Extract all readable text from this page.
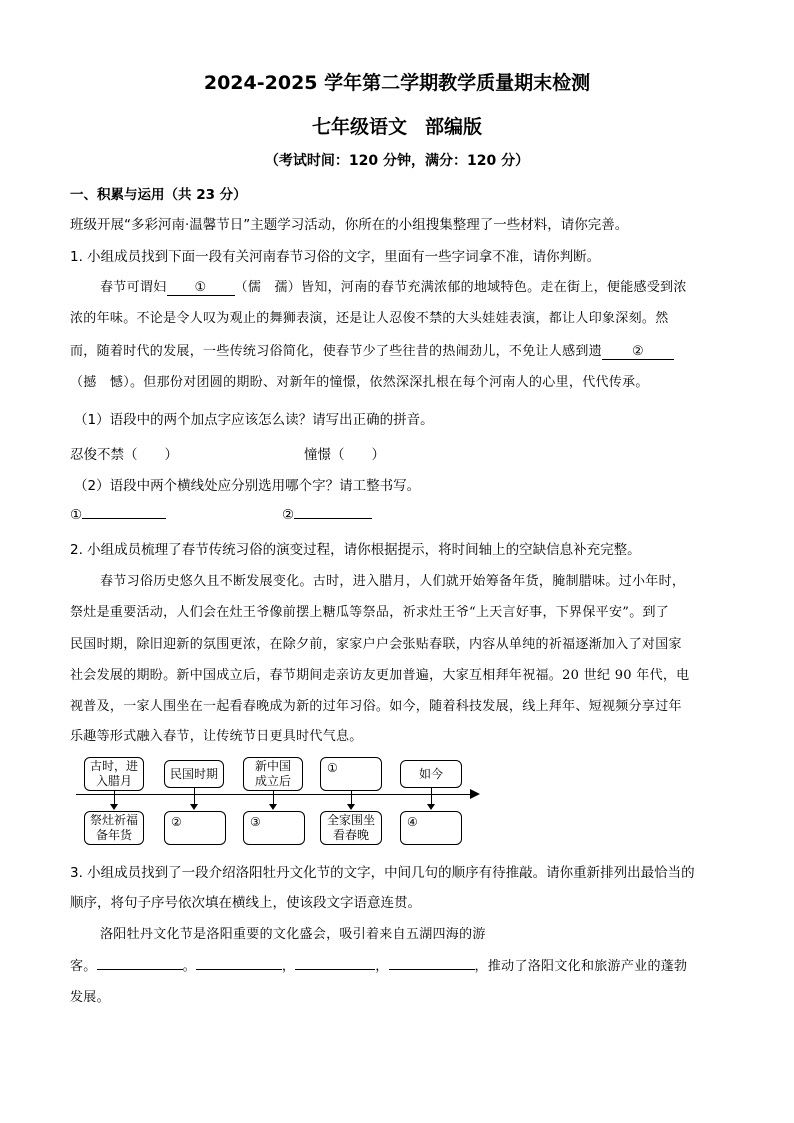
2024-2025 学年第二学期教学质量期末检测
七年级语文 部编版
（考试时间：120 分钟，满分：120 分）
一、积累与运用（共 23 分）
班级开展“多彩河南·温馨节日”主题学习活动，你所在的小组搜集整理了一些材料，请你完善。
1. 小组成员找到下面一段有关河南春节习俗的文字，里面有一些字词拿不准，请你判断。
春节可谓妇 ① （儒　孺）皆知，河南的春节充满浓郁的地域特色。走在街上，便能感受到浓
浓的年味。不论是令人叹为观止的舞狮表演，还是让人忍俊不禁的大头娃娃表演，都让人印象深刻。然
而，随着时代的发展，一些传统习俗简化，使春节少了些往昔的热闹劲儿，不免让人感到遗 ②
（撼　憾）。但那份对团圆的期盼、对新年的憧憬，依然深深扎根在每个河南人的心里，代代传承。
（1）语段中的两个加点字应该怎么读？请写出正确的拼音。
忍俊不禁（　　）	憧憬（　　）
（2）语段中两个横线处应分别选用哪个字？请工整书写。
①	②
2. 小组成员梳理了春节传统习俗的演变过程，请你根据提示，将时间轴上的空缺信息补充完整。
春节习俗历史悠久且不断发展变化。古时，进入腊月，人们就开始筹备年货，腌制腊味。过小年时，
祭灶是重要活动，人们会在灶王爷像前摆上糖瓜等祭品，祈求灶王爷“上天言好事，下界保平安”。到了
民国时期，除旧迎新的氛围更浓，在除夕前，家家户户会张贴春联，内容从单纯的祈福逐渐加入了对国家
社会发展的期盼。新中国成立后，春节期间走亲访友更加普遍，大家互相拜年祝福。20 世纪 90 年代，电
视普及，一家人围坐在一起看春晚成为新的过年习俗。如今，随着科技发展，线上拜年、短视频分享过年
乐趣等形式融入春节，让传统节日更具时代气息。
古时，进
入腊月
民国时期
新中国
成立后
①	如今
祭灶祈福
备年货
②	③	全家围坐
看春晚
④
3. 小组成员找到了一段介绍洛阳牡丹文化节的文字，中间几句的顺序有待推敲。请你重新排列出最恰当的
顺序，将句子序号依次填在横线上，使该段文字语意连贯。
洛阳牡丹文化节是洛阳重要的文化盛会，吸引着来自五湖四海的游
客。	。	，	，	，推动了洛阳文化和旅游产业的蓬勃
发展。
